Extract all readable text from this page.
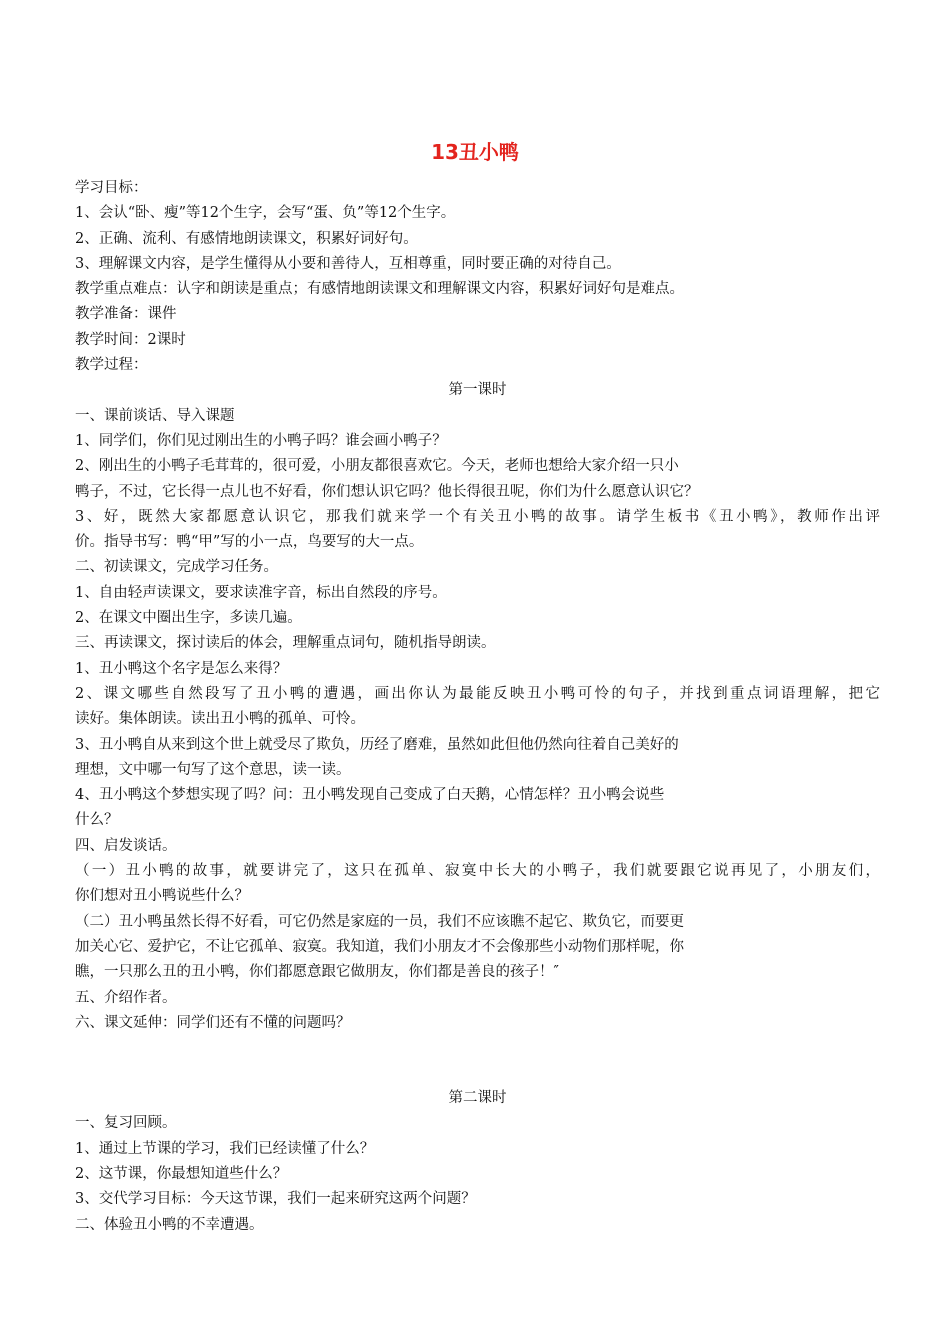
13丑小鸭
学习目标：
1、会认“卧、瘦”等12个生字，会写“蛋、负”等12个生字。
2、正确、流利、有感情地朗读课文，积累好词好句。
3、理解课文内容，是学生懂得从小要和善待人，互相尊重，同时要正确的对待自己。
教学重点难点：认字和朗读是重点；有感情地朗读课文和理解课文内容，积累好词好句是难点。
教学准备：课件
教学时间：2课时
教学过程：
第一课时
一、课前谈话、导入课题
1、同学们，你们见过刚出生的小鸭子吗？谁会画小鸭子？
2、刚出生的小鸭子毛茸茸的，很可爱，小朋友都很喜欢它。今天，老师也想给大家介绍一只小
鸭子，不过，它长得一点儿也不好看，你们想认识它吗？他长得很丑呢，你们为什么愿意认识它？
3、好，既然大家都愿意认识它，那我们就来学一个有关丑小鸭的故事。请学生板书《丑小鸭》，教师作出评
价。指导书写：鸭“甲”写的小一点，鸟要写的大一点。
二、初读课文，完成学习任务。
1、自由轻声读课文，要求读准字音，标出自然段的序号。
2、在课文中圈出生字，多读几遍。
三、再读课文，探讨读后的体会，理解重点词句，随机指导朗读。
1、丑小鸭这个名字是怎么来得？
2、课文哪些自然段写了丑小鸭的遭遇，画出你认为最能反映丑小鸭可怜的句子，并找到重点词语理解，把它
读好。集体朗读。读出丑小鸭的孤单、可怜。
3、丑小鸭自从来到这个世上就受尽了欺负，历经了磨难，虽然如此但他仍然向往着自己美好的
理想，文中哪一句写了这个意思，读一读。
4、丑小鸭这个梦想实现了吗？问：丑小鸭发现自己变成了白天鹅，心情怎样？丑小鸭会说些
什么？
四、启发谈话。
（一）丑小鸭的故事，就要讲完了，这只在孤单、寂寞中长大的小鸭子，我们就要跟它说再见了，小朋友们，
你们想对丑小鸭说些什么？
（二）丑小鸭虽然长得不好看，可它仍然是家庭的一员，我们不应该瞧不起它、欺负它，而要更
加关心它、爱护它，不让它孤单、寂寞。我知道，我们小朋友才不会像那些小动物们那样呢，你
瞧，一只那么丑的丑小鸭，你们都愿意跟它做朋友，你们都是善良的孩子！″
五、介绍作者。
六、课文延伸：同学们还有不懂的问题吗？
第二课时
一、复习回顾。
1、通过上节课的学习，我们已经读懂了什么？
2、这节课，你最想知道些什么？
3、交代学习目标：今天这节课，我们一起来研究这两个问题？
二、体验丑小鸭的不幸遭遇。
